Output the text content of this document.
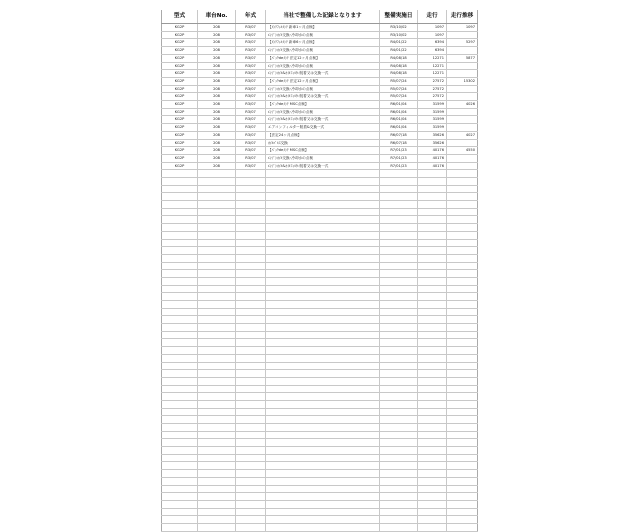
型式	車台No.	年式	当社で整備した記録となります	整備実施日	走行	走行推移
KG2P	208	R3/07	【ﾒﾝﾃﾌｪﾙﾒﾝﾃ 新車1ヶ月点検】	R3/10/02	1097	1097
KG2P	208	R3/07	ｴﾝｼﾞﾝｵｲﾙ交換･冷却水の点検	R3/10/02	1097	
KG2P	208	R3/07	【ﾒﾝﾃﾌｪﾙﾒﾝﾃ 新車6ヶ月点検】	R4/01/22	6394	5297
KG2P	208	R3/07	ｴﾝｼﾞﾝｵｲﾙ交換･冷却水の点検	R4/01/22	6394	
KG2P	208	R3/07	【ﾊﾟｯｸdeﾒﾝﾃ 法定12ヶ月点検】	R4/08/18	12271	5877
KG2P	208	R3/07	ｴﾝｼﾞﾝｵｲﾙ交換･冷却水の点検	R4/08/18	12271	
KG2P	208	R3/07	ｴﾝｼﾞﾝｵｲﾙ&ｵｲﾙﾌｨﾙﾀｰ脱着又は交換一式	R4/08/18	12271	
KG2P	208	R3/07	【ﾊﾟｯｸdeﾒﾝﾃ 法定12ヶ月点検】	R5/07/24	27572	15302
KG2P	208	R3/07	ｴﾝｼﾞﾝｵｲﾙ交換･冷却水の点検	R5/07/24	27572	
KG2P	208	R3/07	ｴﾝｼﾞﾝｵｲﾙ&ｵｲﾙﾌｨﾙﾀｰ脱着又は交換一式	R5/07/24	27572	
KG2P	208	R3/07	【ﾊﾟｯｸdeﾒﾝﾃ MSC点検】	R6/01/04	31599	4026
KG2P	208	R3/07	ｴﾝｼﾞﾝｵｲﾙ交換･冷却水の点検	R6/01/04	31599	
KG2P	208	R3/07	ｴﾝｼﾞﾝｵｲﾙ&ｵｲﾙﾌｨﾙﾀｰ脱着又は交換一式	R6/01/04	31599	
KG2P	208	R3/07	エアコンフィルター脱着&交換一式	R6/01/04	31599	
KG2P	208	R3/07	【法定24ヶ月点検】	R6/07/18	35626	4027
KG2P	208	R3/07	ｵｲﾙﾊﾟﾙｽ交換	R6/07/18	35626	
KG2P	208	R3/07	【ﾊﾟｯｸdeﾒﾝﾃ MSC点検】	R7/01/23	40176	4550
KG2P	208	R3/07	ｴﾝｼﾞﾝｵｲﾙ交換･冷却水の点検	R7/01/23	40176	
KG2P	208	R3/07	ｴﾝｼﾞﾝｵｲﾙ&ｵｲﾙﾌｨﾙﾀｰ脱着又は交換一式	R7/01/23	40176	
